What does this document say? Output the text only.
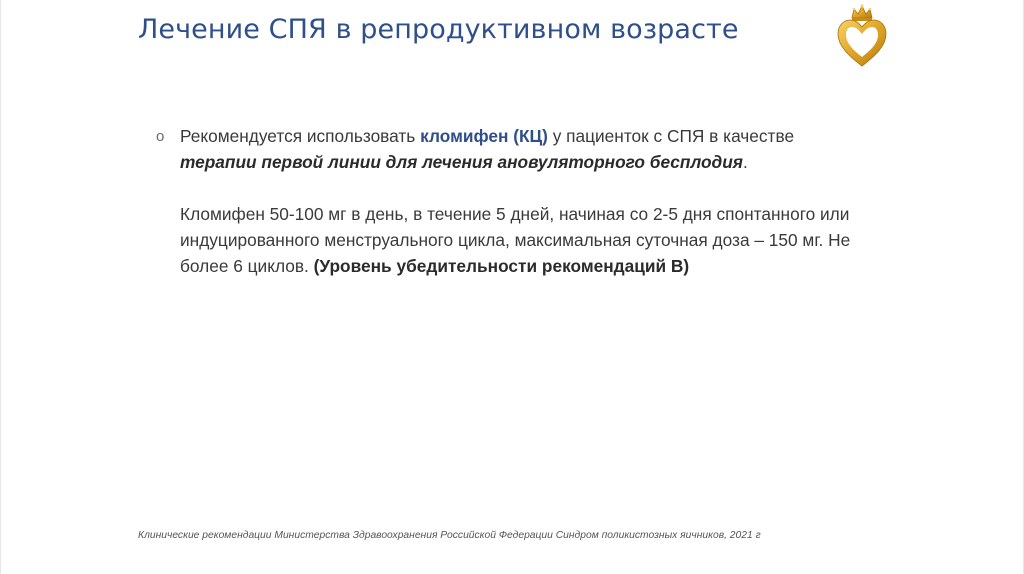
Лечение СПЯ в репродуктивном возрасте
o Рекомендуется использовать кломифен (КЦ) у пациенток с СПЯ в качестве терапии первой линии для лечения ановуляторного бесплодия.
Кломифен 50-100 мг в день, в течение 5 дней, начиная со 2-5 дня спонтанного или индуцированного менструального цикла, максимальная суточная доза – 150 мг. Не более 6 циклов. (Уровень убедительности рекомендаций В)
Клинические рекомендации Министерства Здравоохранения Российской Федерации Синдром поликистозных яичников, 2021 г
